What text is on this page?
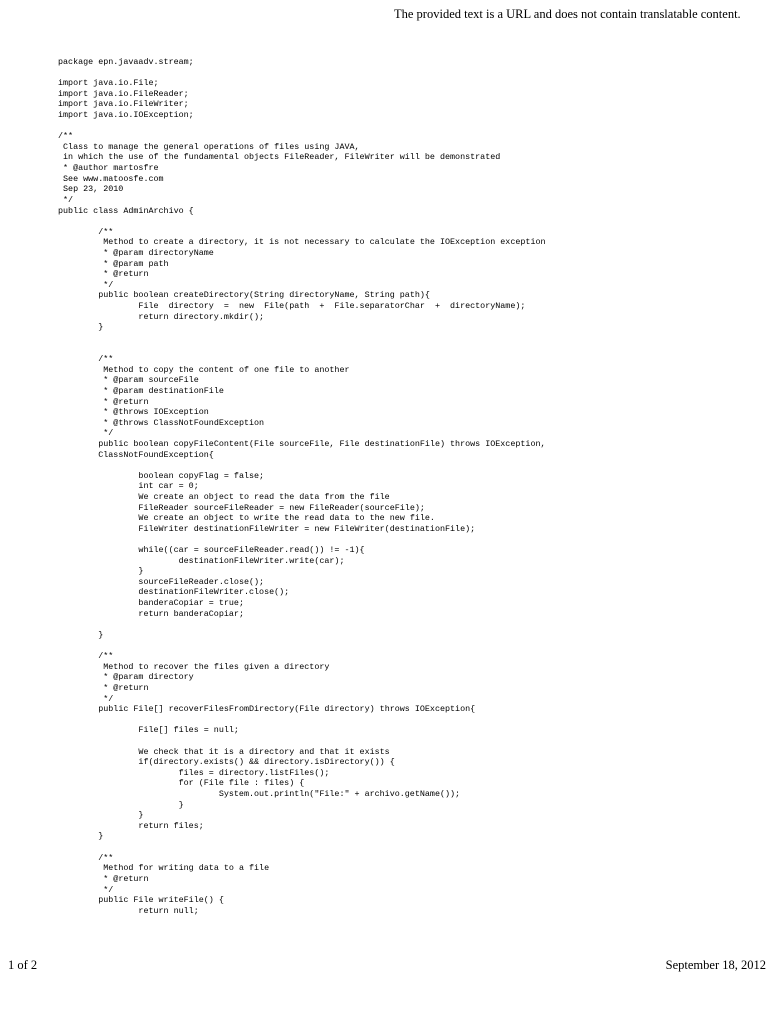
The provided text is a URL and does not contain translatable content.
package epn.javaadv.stream;
import java.io.File;
import java.io.FileReader;
import java.io.FileWriter;
import java.io.IOException;
/**
Class to manage the general operations of files using JAVA,
in which the use of the fundamental objects FileReader, FileWriter will be demonstrated
* @author martosfre
See www.matoosfe.com
Sep 23, 2010
*/
public class AdminArchivo {
	/**
	Method to create a directory, it is not necessary to calculate the IOException exception
	* @param directoryName
	* @param path
	* @return
	*/
	public boolean createDirectory(String directoryName, String path){
		File  directory  =  new  File(path  +  File.separatorChar  +  directoryName);
		return directory.mkdir();
	}
	/**
	Method to copy the content of one file to another
	* @param sourceFile
	* @param destinationFile
	* @return
	* @throws IOException
	* @throws ClassNotFoundException
	*/
	public boolean copyFileContent(File sourceFile, File destinationFile) throws IOException,
	ClassNotFoundException{
		boolean copyFlag = false;
		int car = 0;
		We create an object to read the data from the file
		FileReader sourceFileReader = new FileReader(sourceFile);
		We create an object to write the read data to the new file.
		FileWriter destinationFileWriter = new FileWriter(destinationFile);
		while((car = sourceFileReader.read()) != -1){
			destinationFileWriter.write(car);
		}
		sourceFileReader.close();
		destinationFileWriter.close();
		banderaCopiar = true;
		return banderaCopiar;
	}
	/**
	Method to recover the files given a directory
	* @param directory
	* @return
	*/
	public File[] recoverFilesFromDirectory(File directory) throws IOException{
		File[] files = null;
		We check that it is a directory and that it exists
		if(directory.exists() && directory.isDirectory()) {
			files = directory.listFiles();
			for (File file : files) {
				System.out.println("File:" + archivo.getName());
			}
		}
		return files;
	}
	/**
	Method for writing data to a file
	* @return
	*/
	public File writeFile() {
		return null;
1 of 2	September 18, 2012
